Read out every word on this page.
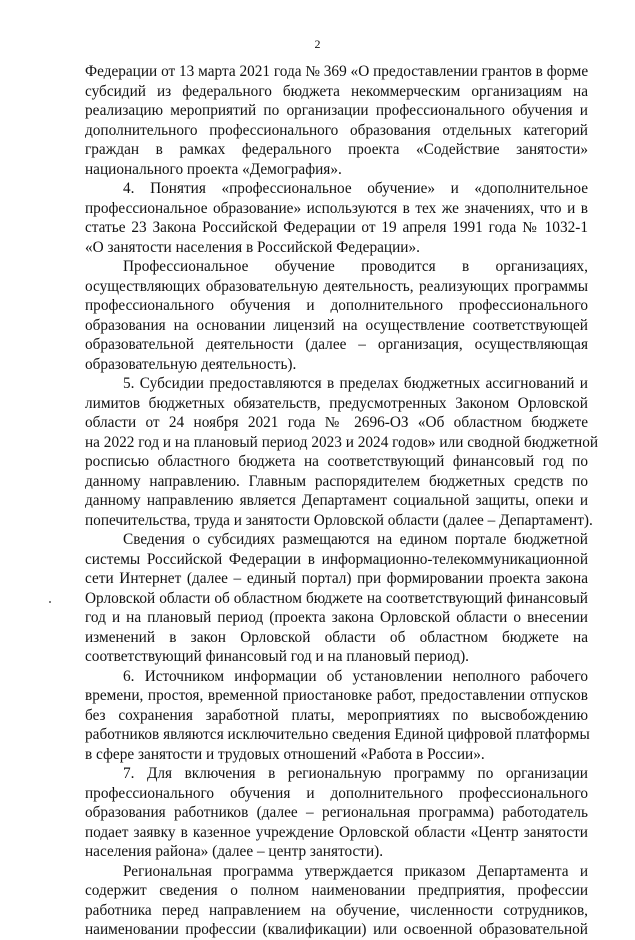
2
Федерации от 13 марта 2021 года № 369 «О предоставлении грантов в форме
субсидий из федерального бюджета некоммерческим организациям на
реализацию мероприятий по организации профессионального обучения и
дополнительного профессионального образования отдельных категорий
граждан в рамках федерального проекта «Содействие занятости»
национального проекта «Демография».
4. Понятия «профессиональное обучение» и «дополнительное
профессиональное образование» используются в тех же значениях, что и в
статье 23 Закона Российской Федерации от 19 апреля 1991 года № 1032-1
«О занятости населения в Российской Федерации».
Профессиональное обучение проводится в организациях,
осуществляющих образовательную деятельность, реализующих программы
профессионального обучения и дополнительного профессионального
образования на основании лицензий на осуществление соответствующей
образовательной деятельности (далее – организация, осуществляющая
образовательную деятельность).
5. Субсидии предоставляются в пределах бюджетных ассигнований и
лимитов бюджетных обязательств, предусмотренных Законом Орловской
области от 24 ноября 2021 года № 2696-ОЗ «Об областном бюджете
на 2022 год и на плановый период 2023 и 2024 годов» или сводной бюджетной
росписью областного бюджета на соответствующий финансовый год по
данному направлению. Главным распорядителем бюджетных средств по
данному направлению является Департамент социальной защиты, опеки и
попечительства, труда и занятости Орловской области (далее – Департамент).
Сведения о субсидиях размещаются на едином портале бюджетной
системы Российской Федерации в информационно-телекоммуникационной
сети Интернет (далее – единый портал) при формировании проекта закона
Орловской области об областном бюджете на соответствующий финансовый
год и на плановый период (проекта закона Орловской области о внесении
изменений в закон Орловской области об областном бюджете на
соответствующий финансовый год и на плановый период).
6. Источником информации об установлении неполного рабочего
времени, простоя, временной приостановке работ, предоставлении отпусков
без сохранения заработной платы, мероприятиях по высвобождению
работников являются исключительно сведения Единой цифровой платформы
в сфере занятости и трудовых отношений «Работа в России».
7. Для включения в региональную программу по организации
профессионального обучения и дополнительного профессионального
образования работников (далее – региональная программа) работодатель
подает заявку в казенное учреждение Орловской области «Центр занятости
населения района» (далее – центр занятости).
Региональная программа утверждается приказом Департамента и
содержит сведения о полном наименовании предприятия, профессии
работника перед направлением на обучение, численности сотрудников,
наименовании профессии (квалификации) или освоенной образовательной
